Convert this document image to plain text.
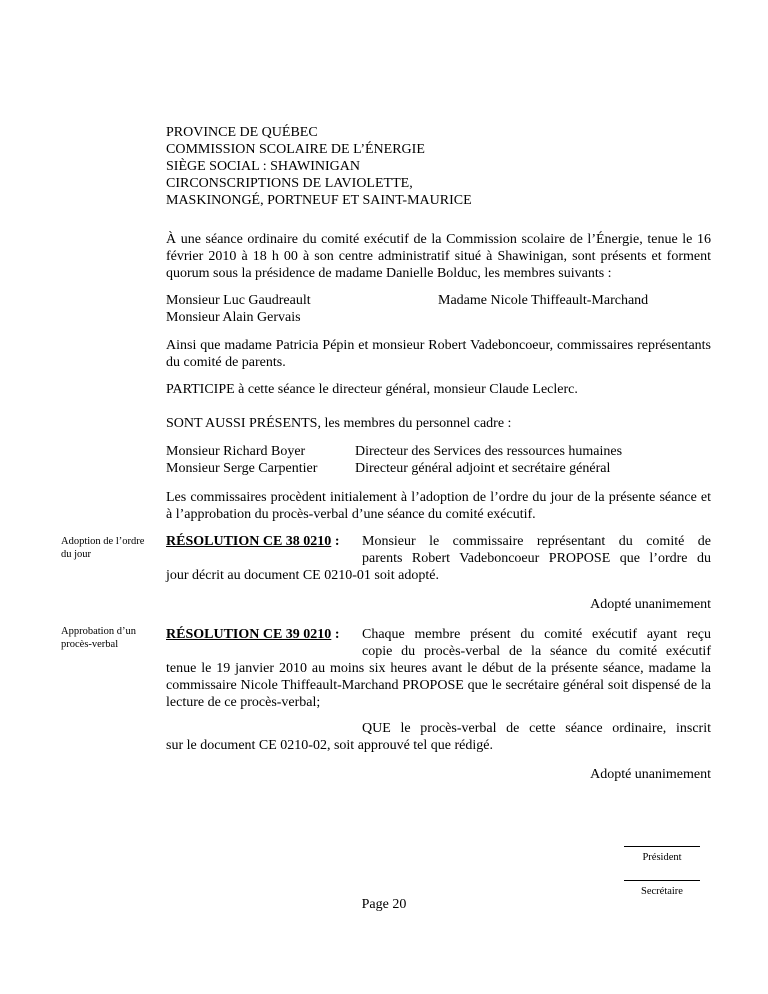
PROVINCE DE QUÉBEC
COMMISSION SCOLAIRE DE L’ÉNERGIE
SIÈGE SOCIAL : SHAWINIGAN
CIRCONSCRIPTIONS DE LAVIOLETTE,
MASKINONGÉ, PORTNEUF ET SAINT-MAURICE
À une séance ordinaire du comité exécutif de la Commission scolaire de l’Énergie, tenue le 16 février 2010 à 18 h 00 à son centre administratif situé à Shawinigan, sont présents et forment quorum sous la présidence de madame Danielle Bolduc, les membres suivants :
Monsieur Luc Gaudreault
Monsieur Alain Gervais
Madame Nicole Thiffeault-Marchand
Ainsi que madame Patricia Pépin et monsieur Robert Vadeboncoeur, commissaires représentants du comité de parents.
PARTICIPE à cette séance le directeur général, monsieur Claude Leclerc.
SONT AUSSI PRÉSENTS, les membres du personnel cadre :
Monsieur Richard Boyer	Directeur des Services des ressources humaines
Monsieur Serge Carpentier	Directeur général adjoint et secrétaire général
Les commissaires procèdent initialement à l’adoption de l’ordre du jour de la présente séance et à l’approbation du procès-verbal d’une séance du comité exécutif.
Adoption de l’ordre du jour
RÉSOLUTION CE 38 0210 : Monsieur le commissaire représentant du comité de
parents Robert Vadeboncoeur PROPOSE que l’ordre du
jour décrit au document CE 0210-01 soit adopté.
Adopté unanimement
Approbation d’un procès-verbal
RÉSOLUTION CE 39 0210 : Chaque membre présent du comité exécutif ayant reçu
copie du procès-verbal de la séance du comité exécutif
tenue le 19 janvier 2010 au moins six heures avant le début de la présente séance, madame la commissaire Nicole Thiffeault-Marchand PROPOSE que le secrétaire général soit dispensé de la lecture de ce procès-verbal;
QUE le procès-verbal de cette séance ordinaire, inscrit
sur le document CE 0210-02, soit approuvé tel que rédigé.
Adopté unanimement
Président
Secrétaire
Page 20
